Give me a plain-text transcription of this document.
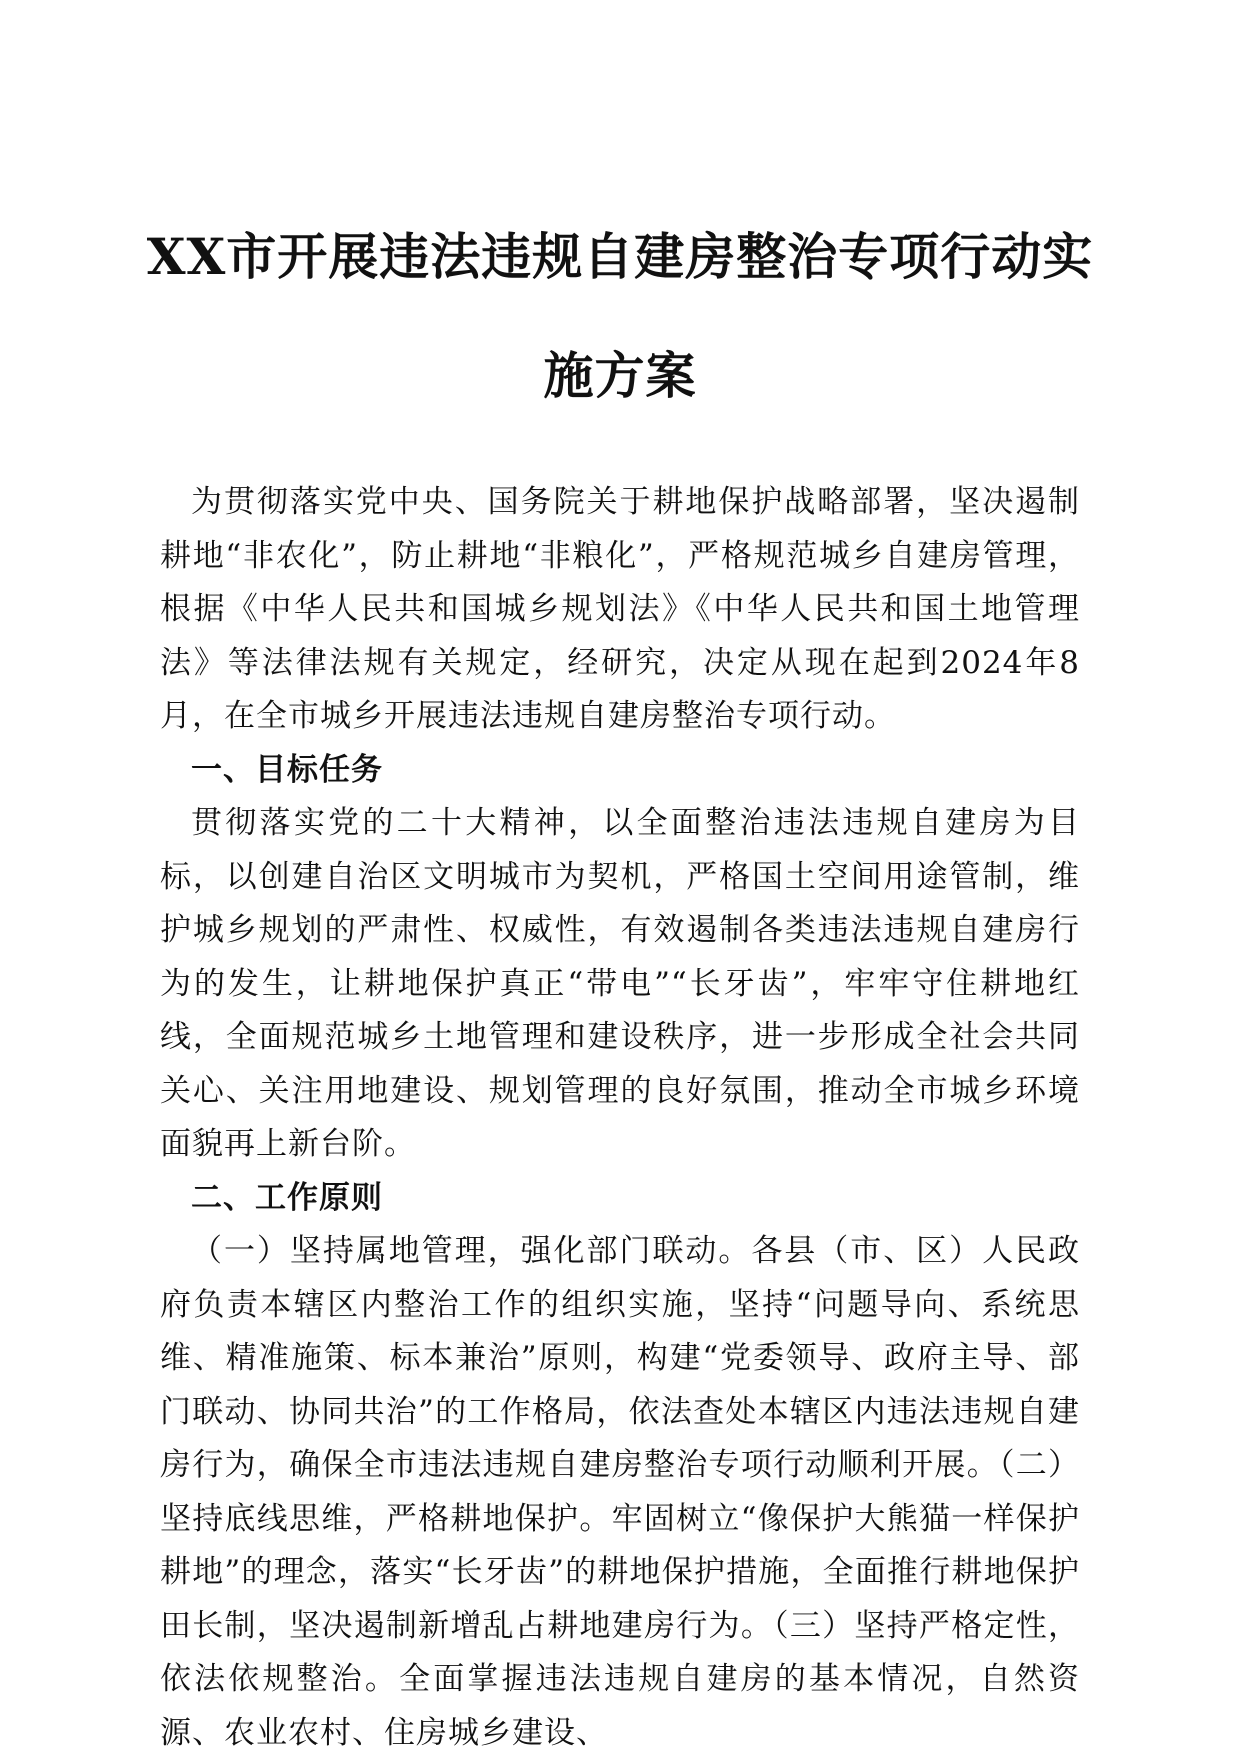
XX市开展违法违规自建房整治专项行动实
施方案

为贯彻落实党中央、国务院关于耕地保护战略部署，坚决遏制耕地“非农化”，防止耕地“非粮化”，严格规范城乡自建房管理，根据《中华人民共和国城乡规划法》《中华人民共和国土地管理法》等法律法规有关规定，经研究，决定从现在起到2024年8月，在全市城乡开展违法违规自建房整治专项行动。

一、目标任务

贯彻落实党的二十大精神，以全面整治违法违规自建房为目标，以创建自治区文明城市为契机，严格国土空间用途管制，维护城乡规划的严肃性、权威性，有效遏制各类违法违规自建房行为的发生，让耕地保护真正“带电”“长牙齿”，牢牢守住耕地红线，全面规范城乡土地管理和建设秩序，进一步形成全社会共同关心、关注用地建设、规划管理的良好氛围，推动全市城乡环境面貌再上新台阶。

二、工作原则

（一）坚持属地管理，强化部门联动。各县（市、区）人民政府负责本辖区内整治工作的组织实施，坚持“问题导向、系统思维、精准施策、标本兼治”原则，构建“党委领导、政府主导、部门联动、协同共治”的工作格局，依法查处本辖区内违法违规自建房行为，确保全市违法违规自建房整治专项行动顺利开展。（二）坚持底线思维，严格耕地保护。牢固树立“像保护大熊猫一样保护耕地”的理念，落实“长牙齿”的耕地保护措施，全面推行耕地保护田长制，坚决遏制新增乱占耕地建房行为。（三）坚持严格定性，依法依规整治。全面掌握违法违规自建房的基本情况，自然资源、农业农村、住房城乡建设、
